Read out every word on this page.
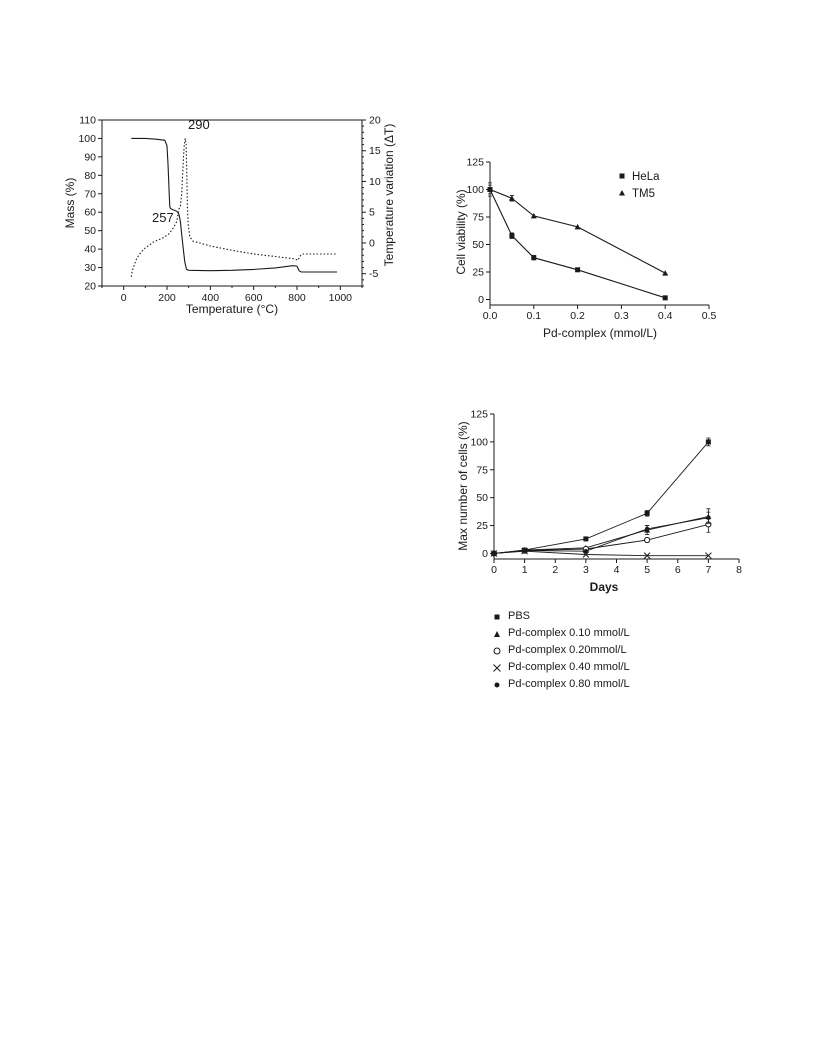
Temperature (°C)
Mass (%)	Temperature variation (ΔT)
290
257
0	200 400 600 800 1000
20
30
40
50
60
70
80
90
100
110
-5
0
5
10
15
20
Pd-complex (mmol/L)
Cell viability (%)
0.0	0.1	0.2	0.3	0.4	0.5
0
25
50
75
100
125
HeLa
TM5
Days
Max number of cells (%)
0 1 2 3 4 5 6 7 8
0
25
50
75
100
125
PBS
Pd-complex 0.10 mmol/L
Pd-complex 0.20mmol/L
Pd-complex 0.40 mmol/L
Pd-complex 0.80 mmol/L
